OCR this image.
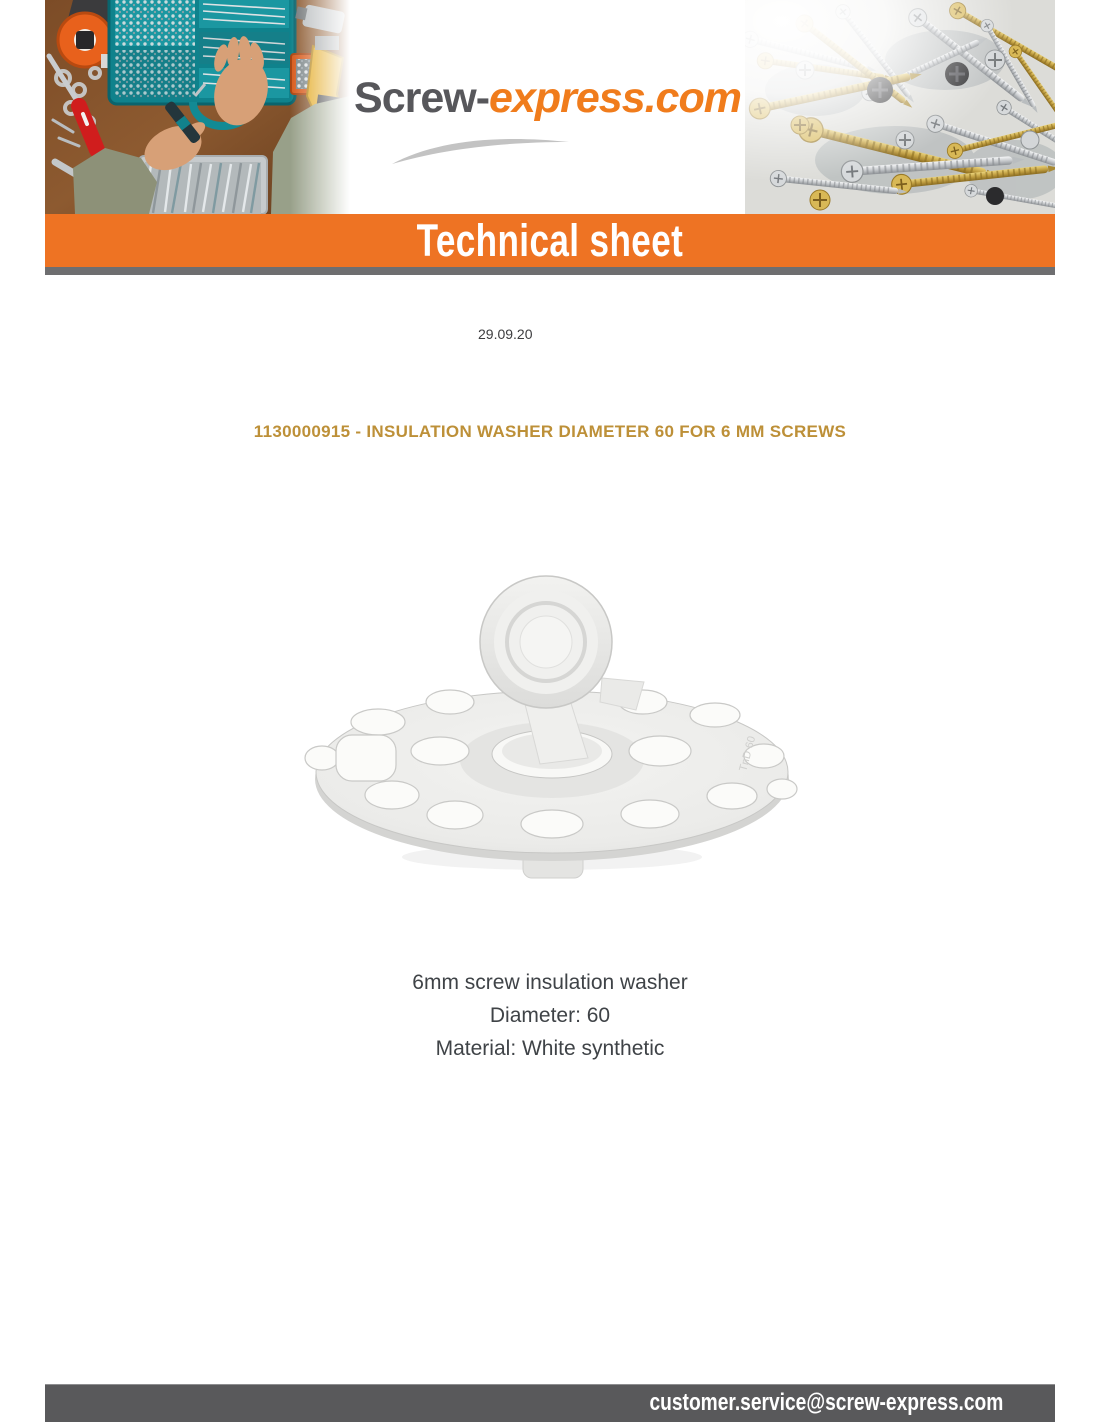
Screw-express.com
Technical sheet
29.09.20
1130000915 - INSULATION WASHER DIAMETER 60 FOR 6 MM SCREWS
TnD 60
6mm screw insulation washer
Diameter: 60
Material: White synthetic
customer.service@screw-express.com
